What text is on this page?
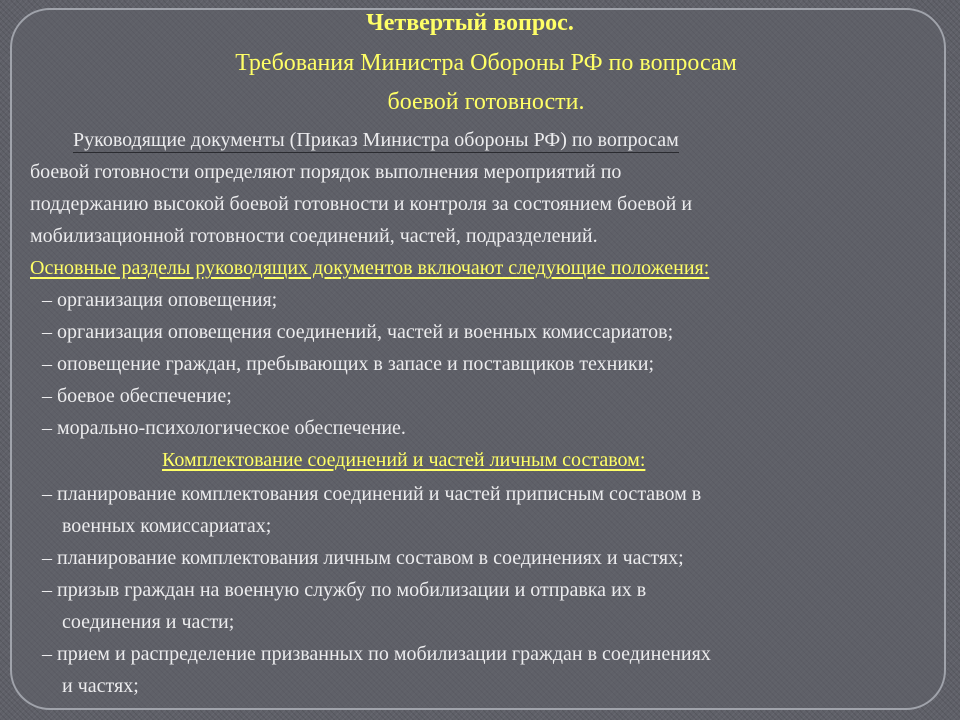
Четвертый вопрос.
Требования Министра Обороны РФ по вопросам
боевой готовности.
Руководящие документы (Приказ Министра обороны РФ) по вопросам
боевой готовности определяют порядок выполнения мероприятий по
поддержанию высокой боевой готовности и контроля за состоянием боевой и
мобилизационной готовности соединений, частей, подразделений.
Основные разделы руководящих документов включают следующие положения:
– организация оповещения;
– организация оповещения соединений, частей и военных комиссариатов;
– оповещение граждан, пребывающих в запасе и поставщиков техники;
– боевое обеспечение;
– морально-психологическое обеспечение.
Комплектование соединений и частей личным составом:
– планирование комплектования соединений и частей приписным составом в
военных комиссариатах;
– планирование комплектования личным составом в соединениях и частях;
– призыв граждан на военную службу по мобилизации и отправка их в
соединения и части;
– прием и распределение призванных по мобилизации граждан в соединениях
и частях;
